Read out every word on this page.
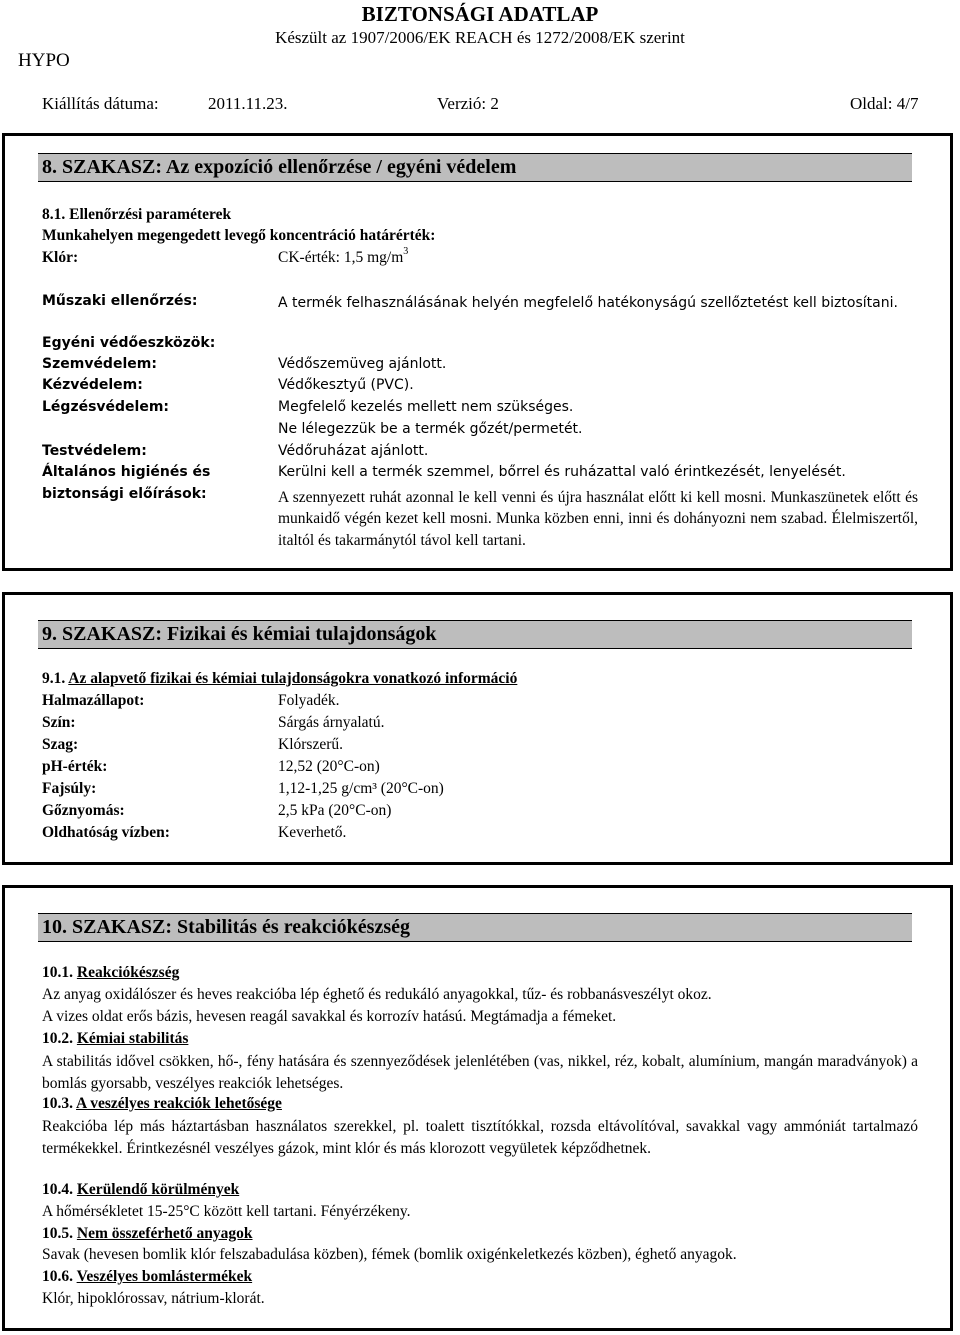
BIZTONSÁGI ADATLAP
Készült az 1907/2006/EK REACH és 1272/2008/EK szerint
HYPO
Kiállítás dátuma:	2011.11.23.	Verzió: 2	Oldal: 4/7
8. SZAKASZ: Az expozíció ellenőrzése / egyéni védelem
8.1. Ellenőrzési paraméterek
Munkahelyen megengedett levegő koncentráció határérték:
Klór:	CK-érték: 1,5 $mg/m^3$
Műszaki ellenőrzés:	A termék felhasználásának helyén megfelelő hatékonyságú szellőztetést kell biztosítani.
Egyéni védőeszközök:
Szemvédelem:	Védőszemüveg ajánlott.
Kézvédelem:	Védőkesztyű (PVC).
Légzésvédelem:	Megfelelő kezelés mellett nem szükséges.
Ne lélegezzük be a termék gőzét/permetét.
Testvédelem:	Védőruházat ajánlott.
Általános higiénés és
biztonsági előírások:
Kerülni kell a termék szemmel, bőrrel és ruházattal való érintkezését, lenyelését.

A szennyezett ruhát azonnal le kell venni és újra használat előtt ki kell mosni. Munkaszünetek előtt és munkaidő végén kezet kell mosni. Munka közben enni, inni és dohányozni nem szabad. Élelmiszertől, italtól és takarmánytól távol kell tartani.
9. SZAKASZ: Fizikai és kémiai tulajdonságok
9.1. Az alapvető fizikai és kémiai tulajdonságokra vonatkozó információ
Halmazállapot:	Folyadék.
Szín:	Sárgás árnyalatú.
Szag:	Klórszerű.
pH-érték:	12,52 (20°C-on)
Fajsúly:	1,12-1,25 g/cm³ (20°C-on)
Gőznyomás:	2,5 kPa (20°C-on)
Oldhatóság vízben:	Keverhető.
10. SZAKASZ: Stabilitás és reakciókészség
10.1. Reakciókészség
Az anyag oxidálószer és heves reakcióba lép éghető és redukáló anyagokkal, tűz- és robbanásveszélyt okoz.
A vizes oldat erős bázis, hevesen reagál savakkal és korrozív hatású. Megtámadja a fémeket.
10.2. Kémiai stabilitás
A stabilitás idővel csökken, hő-, fény hatására és szennyeződések jelenlétében (vas, nikkel, réz, kobalt, alumínium, mangán maradványok) a bomlás gyorsabb, veszélyes reakciók lehetséges.
10.3. A veszélyes reakciók lehetősége
Reakcióba lép más háztartásban használatos szerekkel, pl. toalett tisztítókkal, rozsda eltávolítóval, savakkal vagy ammóniát tartalmazó termékekkel. Érintkezésnél veszélyes gázok, mint klór és más klorozott vegyületek képződhetnek.
10.4. Kerülendő körülmények
A hőmérsékletet 15-25°C között kell tartani. Fényérzékeny.
10.5. Nem összeférhető anyagok
Savak (hevesen bomlik klór felszabadulása közben), fémek (bomlik oxigénkeletkezés közben), éghető anyagok.
10.6. Veszélyes bomlástermékek
Klór, hipoklórossav, nátrium-klorát.
